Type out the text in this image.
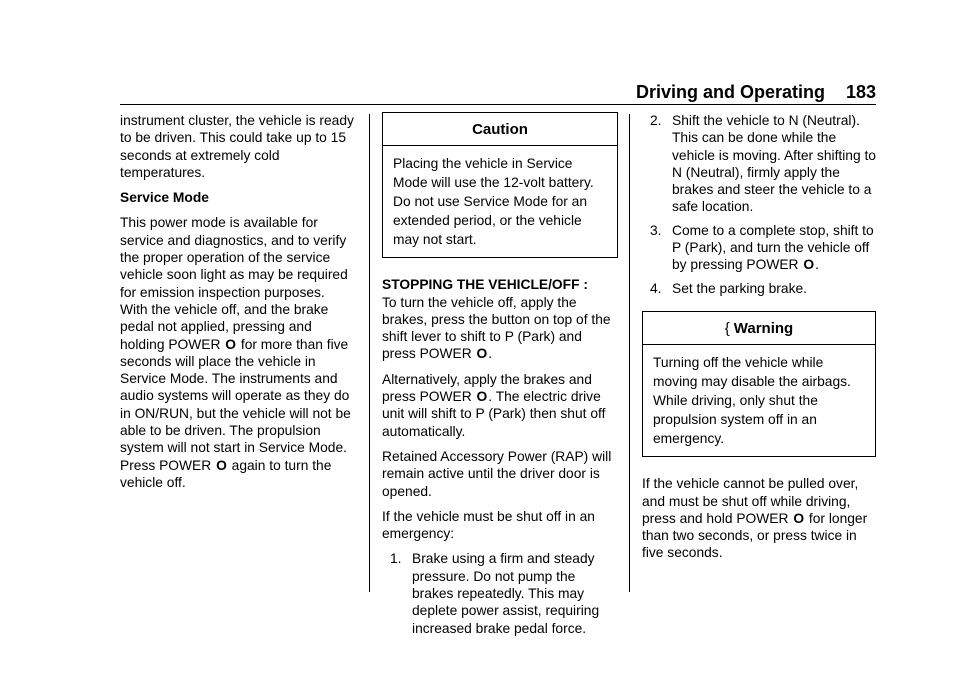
Driving and Operating 183

instrument cluster, the vehicle is ready to be driven. This could take up to 15 seconds at extremely cold temperatures.

Service Mode

This power mode is available for service and diagnostics, and to verify the proper operation of the service vehicle soon light as may be required for emission inspection purposes. With the vehicle off, and the brake pedal not applied, pressing and holding POWER O for more than five seconds will place the vehicle in Service Mode. The instruments and audio systems will operate as they do in ON/RUN, but the vehicle will not be able to be driven. The propulsion system will not start in Service Mode. Press POWER O again to turn the vehicle off.

Caution
Placing the vehicle in Service Mode will use the 12-volt battery. Do not use Service Mode for an extended period, or the vehicle may not start.

STOPPING THE VEHICLE/OFF :

To turn the vehicle off, apply the brakes, press the button on top of the shift lever to shift to P (Park) and press POWER O.

Alternatively, apply the brakes and press POWER O. The electric drive unit will shift to P (Park) then shut off automatically.

Retained Accessory Power (RAP) will remain active until the driver door is opened.

If the vehicle must be shut off in an emergency:

1. Brake using a firm and steady pressure. Do not pump the brakes repeatedly. This may deplete power assist, requiring increased brake pedal force.
2. Shift the vehicle to N (Neutral). This can be done while the vehicle is moving. After shifting to N (Neutral), firmly apply the brakes and steer the vehicle to a safe location.
3. Come to a complete stop, shift to P (Park), and turn the vehicle off by pressing POWER O.
4. Set the parking brake.
{ Warning
Turning off the vehicle while moving may disable the airbags. While driving, only shut the propulsion system off in an emergency.

If the vehicle cannot be pulled over, and must be shut off while driving, press and hold POWER O for longer than two seconds, or press twice in five seconds.
